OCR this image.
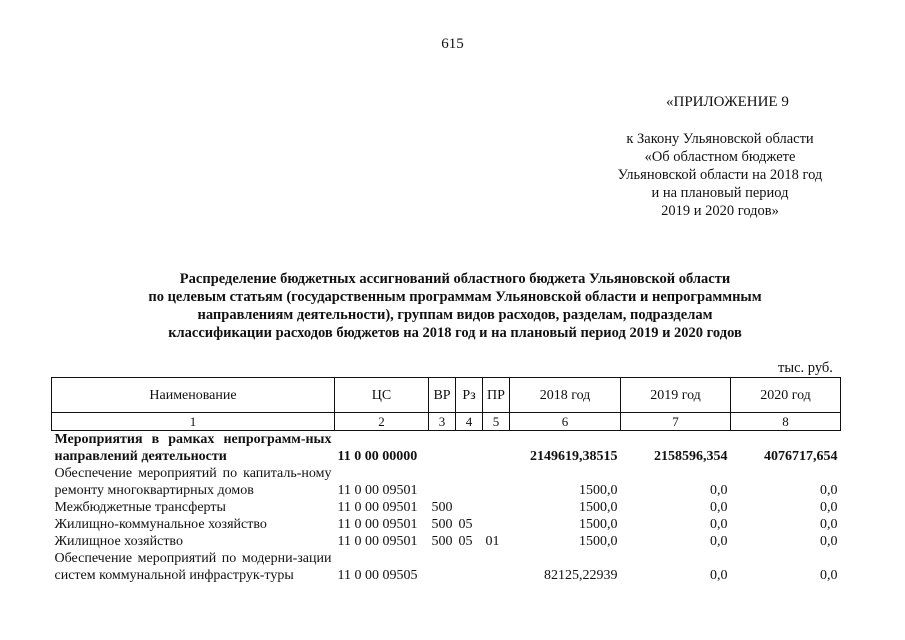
615
«ПРИЛОЖЕНИЕ 9
к Закону Ульяновской области
«Об областном бюджете
Ульяновской области на 2018 год
и на плановый период
2019 и 2020 годов»
Распределение бюджетных ассигнований областного бюджета Ульяновской области
по целевым статьям (государственным программам Ульяновской области и непрограммным
направлениям деятельности), группам видов расходов, разделам, подразделам
классификации расходов бюджетов на 2018 год и на плановый период 2019 и 2020 годов
тыс. руб.
Наименование	ЦС	ВР	Рз	ПР	2018 год	2019 год	2020 год
1	2	3	4	5	6	7	8
Мероприятия в рамках непрограмм-ных направлений деятельности	11 0 00 00000				2149619,38515	2158596,354	4076717,654
Обеспечение мероприятий по капиталь-ному ремонту многоквартирных домов	11 0 00 09501				1500,0	0,0	0,0
Межбюджетные трансферты	11 0 00 09501	500			1500,0	0,0	0,0
Жилищно-коммунальное хозяйство	11 0 00 09501	500	05		1500,0	0,0	0,0
Жилищное хозяйство	11 0 00 09501	500	05	01	1500,0	0,0	0,0
Обеспечение мероприятий по модерни-зации систем коммунальной инфраструк-туры	11 0 00 09505				82125,22939	0,0	0,0
